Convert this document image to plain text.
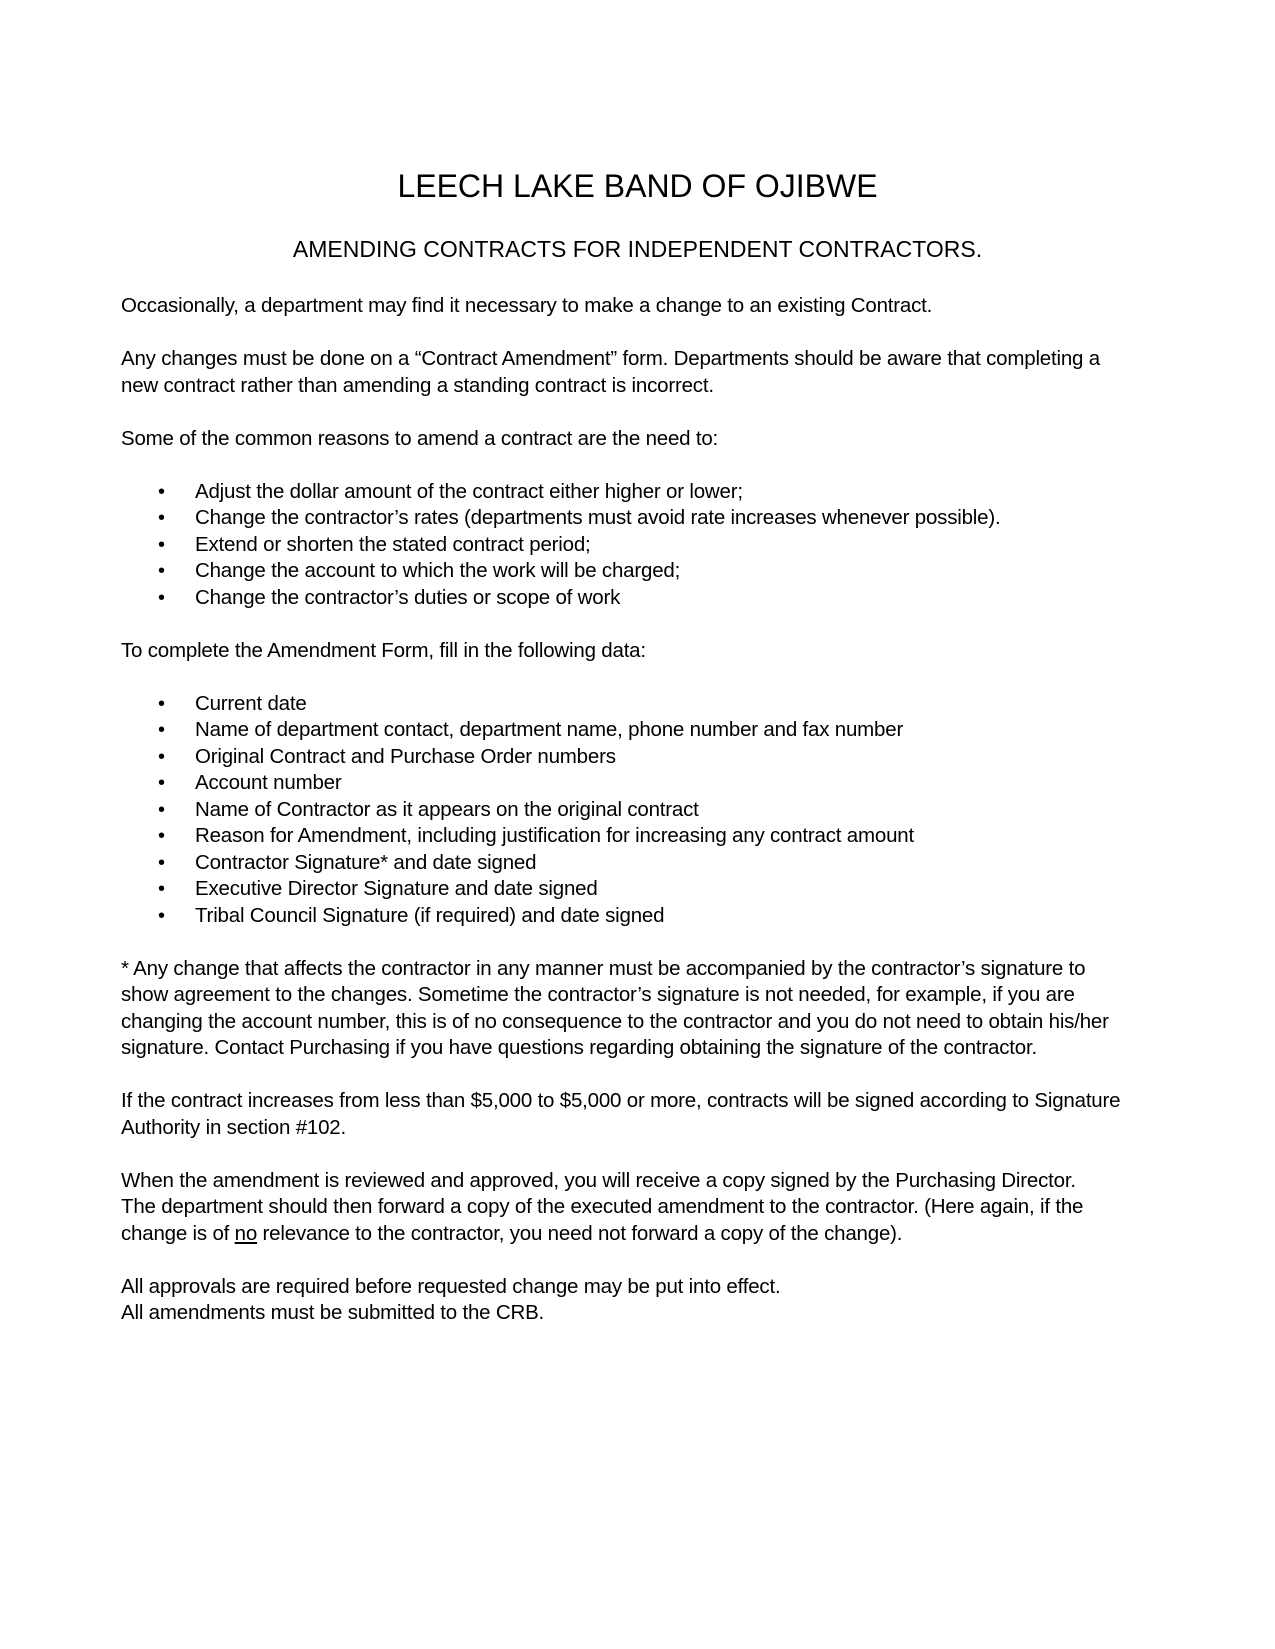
LEECH LAKE BAND OF OJIBWE
AMENDING CONTRACTS FOR INDEPENDENT CONTRACTORS.

Occasionally, a department may find it necessary to make a change to an existing Contract.

Any changes must be done on a “Contract Amendment” form. Departments should be aware that completing a
new contract rather than amending a standing contract is incorrect.

Some of the common reasons to amend a contract are the need to:

• Adjust the dollar amount of the contract either higher or lower;
• Change the contractor’s rates (departments must avoid rate increases whenever possible).
• Extend or shorten the stated contract period;
• Change the account to which the work will be charged;
• Change the contractor’s duties or scope of work

To complete the Amendment Form, fill in the following data:

• Current date
• Name of department contact, department name, phone number and fax number
• Original Contract and Purchase Order numbers
• Account number
• Name of Contractor as it appears on the original contract
• Reason for Amendment, including justification for increasing any contract amount
• Contractor Signature* and date signed
• Executive Director Signature and date signed
• Tribal Council Signature (if required) and date signed

* Any change that affects the contractor in any manner must be accompanied by the contractor’s signature to
show agreement to the changes. Sometime the contractor’s signature is not needed, for example, if you are
changing the account number, this is of no consequence to the contractor and you do not need to obtain his/her
signature. Contact Purchasing if you have questions regarding obtaining the signature of the contractor.

If the contract increases from less than $5,000 to $5,000 or more, contracts will be signed according to Signature
Authority in section #102.

When the amendment is reviewed and approved, you will receive a copy signed by the Purchasing Director.
The department should then forward a copy of the executed amendment to the contractor. (Here again, if the
change is of no relevance to the contractor, you need not forward a copy of the change).

All approvals are required before requested change may be put into effect.
All amendments must be submitted to the CRB.
